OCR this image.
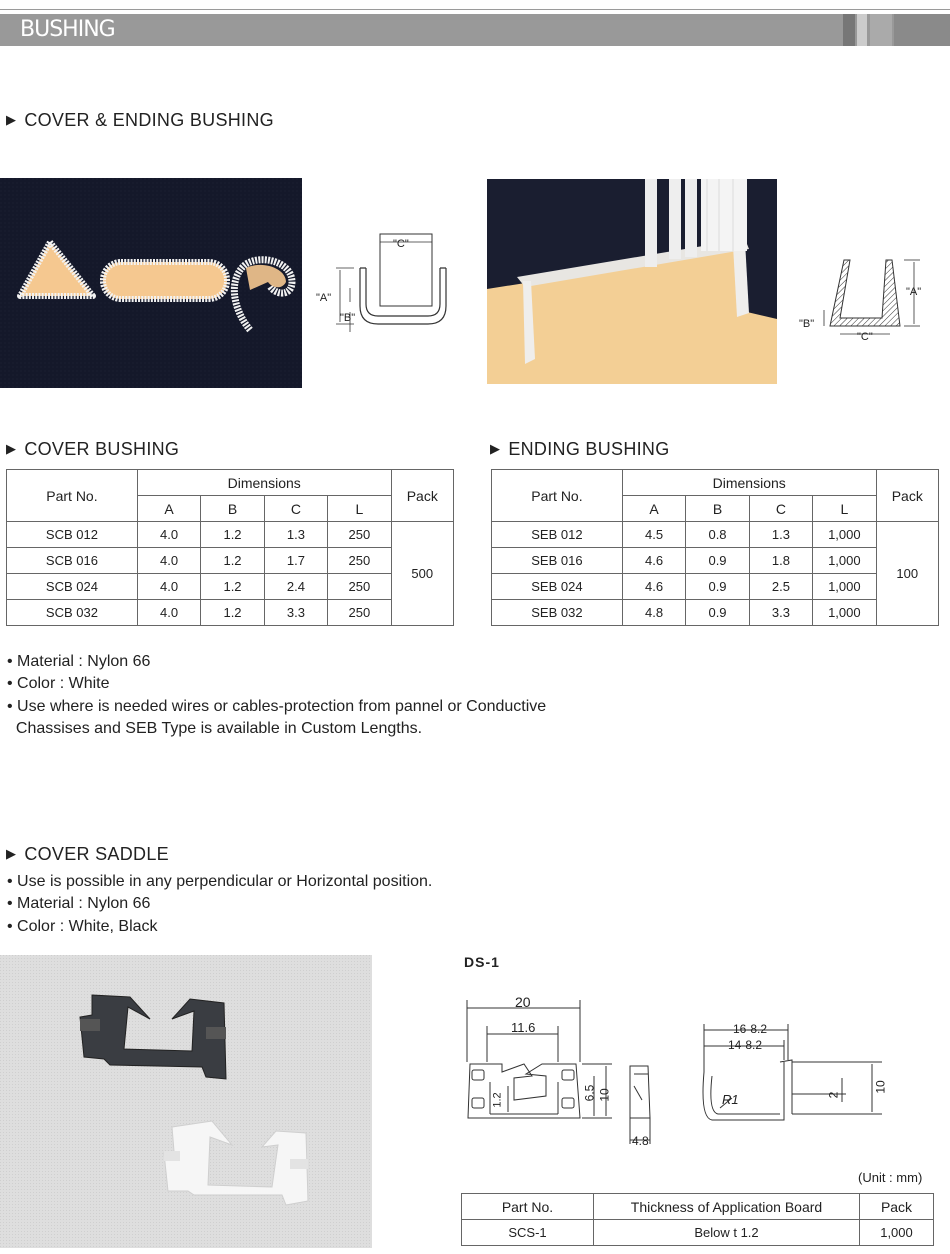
BUSHING
▶ COVER & ENDING BUSHING
"C"
"A"
"B"
"A"
"B"
"C"
▶ COVER BUSHING	▶ ENDING BUSHING
Part No.	Dimensions				Pack
	A	B	C	L	
SCB 012	4.0	1.2	1.3	250	500
SCB 016	4.0	1.2	1.7	250	
SCB 024	4.0	1.2	2.4	250	
SCB 032	4.0	1.2	3.3	250	
Part No.	Dimensions				Pack
	A	B	C	L	
SEB 012	4.5	0.8	1.3	1,000	100
SEB 016	4.6	0.9	1.8	1,000	
SEB 024	4.6	0.9	2.5	1,000	
SEB 032	4.8	0.9	3.3	1,000	
• Material : Nylon 66
• Color : White
• Use where is needed wires or cables-protection from pannel or Conductive
Chassises and SEB Type is available in Custom Lengths.
▶ COVER SADDLE
• Use is possible in any perpendicular or Horizontal position.
• Material : Nylon 66
• Color : White, Black
DS-1
20
11.6
1.2	6.5 10
4.8
16-8.2
14-8.2
R1	2
10
(Unit : mm)
Part No.	Thickness of Application Board	Pack
SCS-1	Below t 1.2	1,000
